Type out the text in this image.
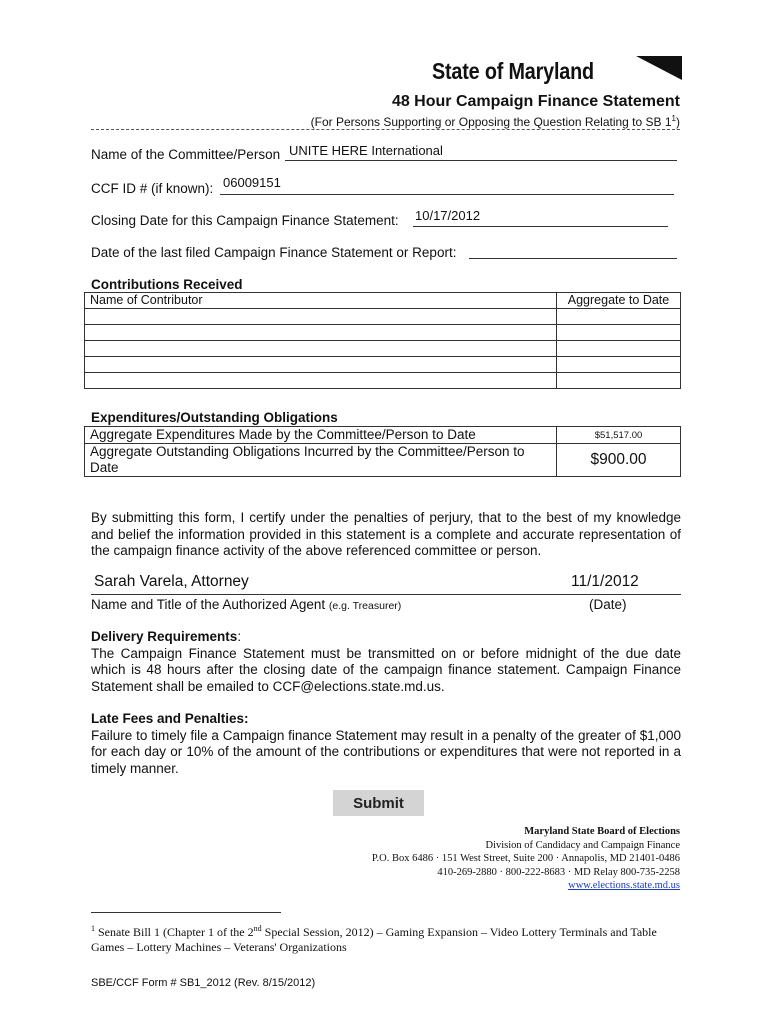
State of Maryland
48 Hour Campaign Finance Statement
(For Persons Supporting or Opposing the Question Relating to SB $1^1$)
Name of the Committee/Person UNITE HERE International
CCF ID # (if known): 06009151
Closing Date for this Campaign Finance Statement: 10/17/2012
Date of the last filed Campaign Finance Statement or Report:
Contributions Received
Name of Contributor	Aggregate to Date

Expenditures/Outstanding Obligations
Aggregate Expenditures Made by the Committee/Person to Date	$51,517.00
Aggregate Outstanding Obligations Incurred by the Committee/Person to Date	$900.00
By submitting this form, I certify under the penalties of perjury, that to the best of my knowledge and belief the information provided in this statement is a complete and accurate representation of the campaign finance activity of the above referenced committee or person.
Sarah Varela, Attorney	11/1/2012
Name and Title of the Authorized Agent (e.g. Treasurer)	(Date)
Delivery Requirements:
The Campaign Finance Statement must be transmitted on or before midnight of the due date which is 48 hours after the closing date of the campaign finance statement. Campaign Finance Statement shall be emailed to CCF@elections.state.md.us.
Late Fees and Penalties:
Failure to timely file a Campaign finance Statement may result in a penalty of the greater of $1,000 for each day or 10% of the amount of the contributions or expenditures that were not reported in a timely manner.
Submit
Maryland State Board of Elections
Division of Candidacy and Campaign Finance
P.O. Box 6486 · 151 West Street, Suite 200 · Annapolis, MD 21401-0486
410-269-2880 · 800-222-8683 · MD Relay 800-735-2258
www.elections.state.md.us
$^1$ Senate Bill 1 (Chapter 1 of the 2nd Special Session, 2012) – Gaming Expansion – Video Lottery Terminals and Table Games – Lottery Machines – Veterans' Organizations
SBE/CCF Form # SB1_2012 (Rev. 8/15/2012)
